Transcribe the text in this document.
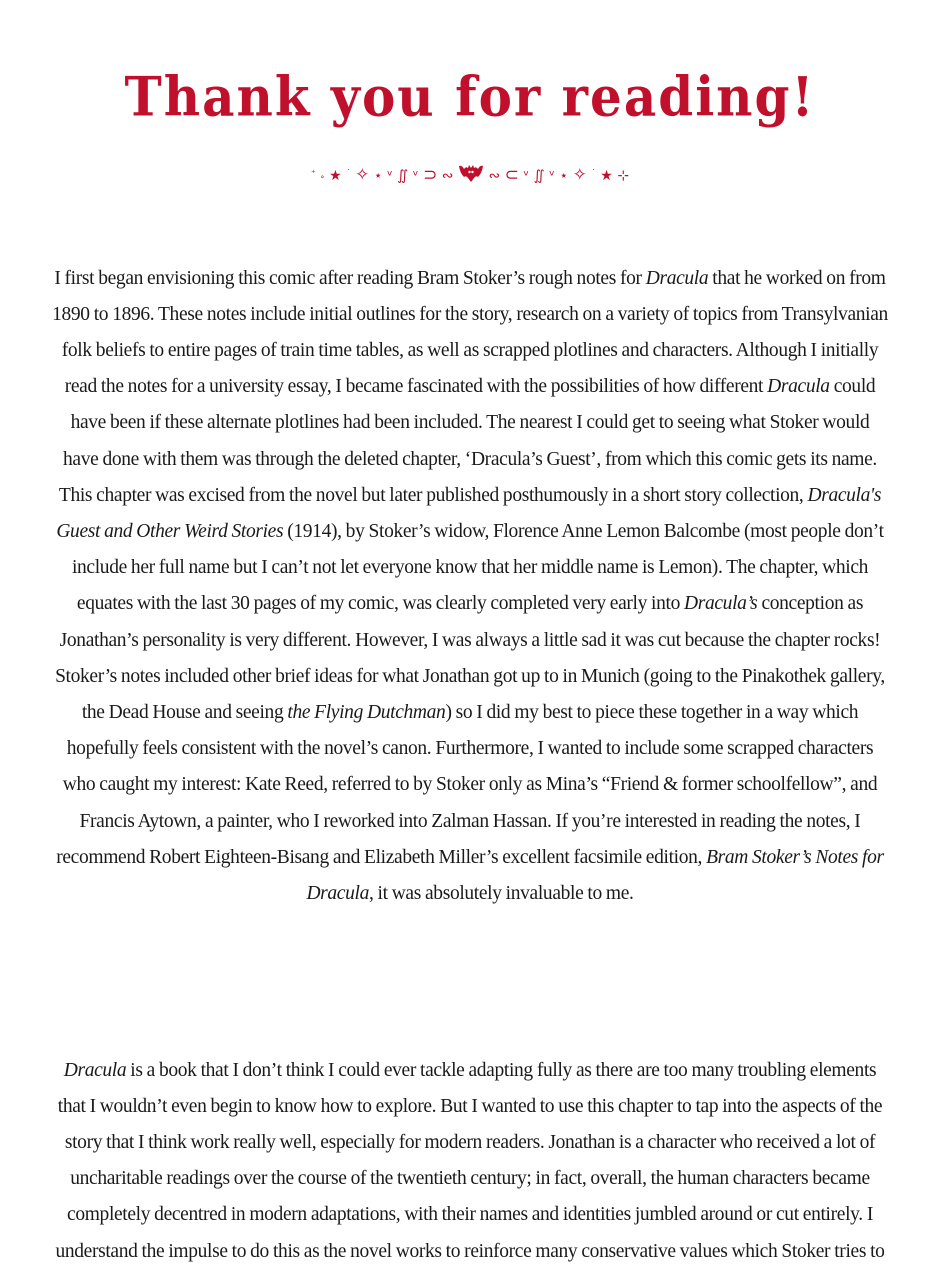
Thank you for reading!
⁺ ˳ ★ ˙ ✧ ⋆ ᵛ ∬ ᵛ ⊃ ∾ ∾ ⊂ ᵛ ∬ ᵛ ⋆ ✧ ˙ ★ ⊹

I first began envisioning this comic after reading Bram Stoker’s rough notes for Dracula that he worked on from 1890 to 1896. These notes include initial outlines for the story, research on a variety of topics from Transylvanian folk beliefs to entire pages of train time tables, as well as scrapped plotlines and characters. Although I initially read the notes for a university essay, I became fascinated with the possibilities of how different Dracula could have been if these alternate plotlines had been included. The nearest I could get to seeing what Stoker would have done with them was through the deleted chapter, ‘Dracula’s Guest’, from which this comic gets its name. This chapter was excised from the novel but later published posthumously in a short story collection, Dracula's Guest and Other Weird Stories (1914), by Stoker’s widow, Florence Anne Lemon Balcombe (most people don’t include her full name but I can’t not let everyone know that her middle name is Lemon). The chapter, which equates with the last 30 pages of my comic, was clearly completed very early into Dracula’s conception as Jonathan’s personality is very different. However, I was always a little sad it was cut because the chapter rocks! Stoker’s notes included other brief ideas for what Jonathan got up to in Munich (going to the Pinakothek gallery, the Dead House and seeing the Flying Dutchman) so I did my best to piece these together in a way which hopefully feels consistent with the novel’s canon. Furthermore, I wanted to include some scrapped characters who caught my interest: Kate Reed, referred to by Stoker only as Mina’s “Friend & former schoolfellow”, and Francis Aytown, a painter, who I reworked into Zalman Hassan. If you’re interested in reading the notes, I recommend Robert Eighteen-Bisang and Elizabeth Miller’s excellent facsimile edition, Bram Stoker’s Notes for Dracula, it was absolutely invaluable to me.

Dracula is a book that I don’t think I could ever tackle adapting fully as there are too many troubling elements that I wouldn’t even begin to know how to explore. But I wanted to use this chapter to tap into the aspects of the story that I think work really well, especially for modern readers. Jonathan is a character who received a lot of uncharitable readings over the course of the twentieth century; in fact, overall, the human characters became completely decentred in modern adaptations, with their names and identities jumbled around or cut entirely. I understand the impulse to do this as the novel works to reinforce many conservative values which Stoker tries to
